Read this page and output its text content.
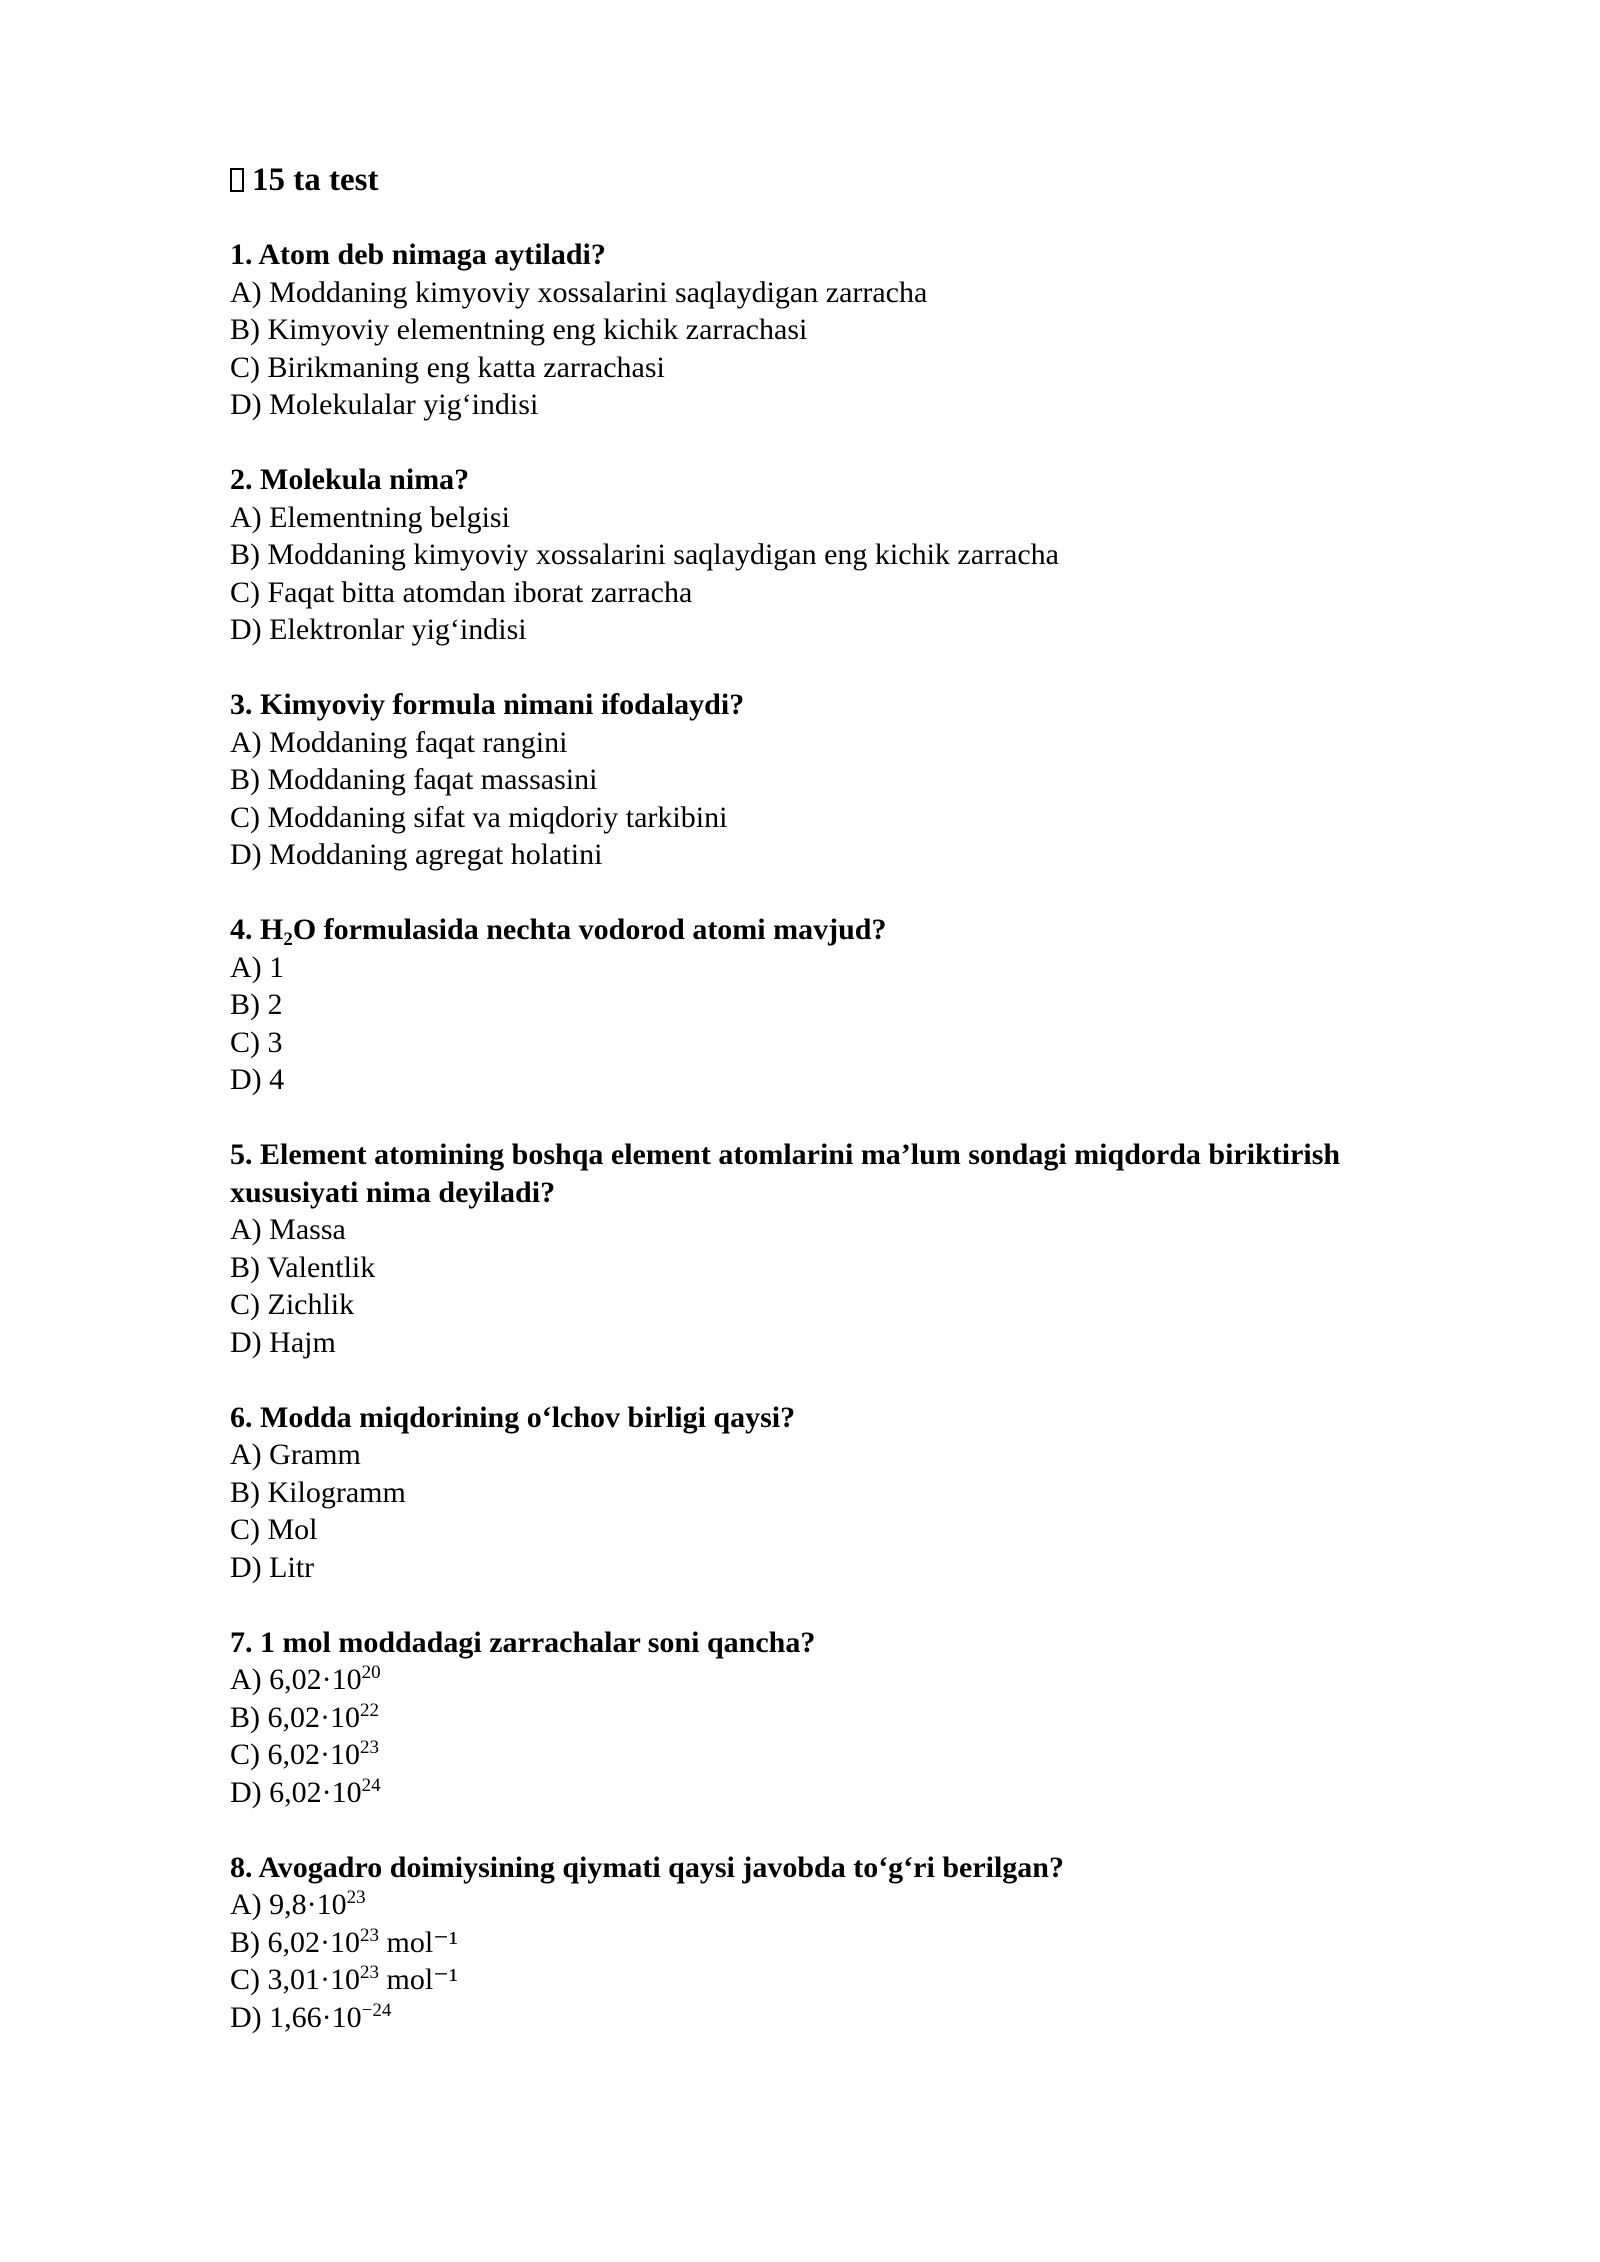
15 ta test

1. Atom deb nimaga aytiladi?

A) Moddaning kimyoviy xossalarini saqlaydigan zarracha

B) Kimyoviy elementning eng kichik zarrachasi

C) Birikmaning eng katta zarrachasi

D) Molekulalar yig‘indisi

2. Molekula nima?

A) Elementning belgisi

B) Moddaning kimyoviy xossalarini saqlaydigan eng kichik zarracha

C) Faqat bitta atomdan iborat zarracha

D) Elektronlar yig‘indisi

3. Kimyoviy formula nimani ifodalaydi?

A) Moddaning faqat rangini

B) Moddaning faqat massasini

C) Moddaning sifat va miqdoriy tarkibini

D) Moddaning agregat holatini

4. $H_2O$ formulasida nechta vodorod atomi mavjud?

A) 1

B) 2

C) 3

D) 4

5. Element atomining boshqa element atomlarini ma’lum sondagi miqdorda biriktirish xususiyati nima deyiladi?

A) Massa

B) Valentlik

C) Zichlik

D) Hajm

6. Modda miqdorining o‘lchov birligi qaysi?

A) Gramm

B) Kilogramm

C) Mol

D) Litr

7. 1 mol moddadagi zarrachalar soni qancha?

A) $6,02\cdot 10^{20}$

B) $6,02\cdot 10^{22}$

C) $6,02\cdot 10^{23}$

D) $6,02\cdot 10^{24}$

8. Avogadro doimiysining qiymati qaysi javobda to‘g‘ri berilgan?

A) $9,8\cdot 10^{23}$

B) $6,02\cdot 10^{23}$ mol⁻¹

C) $3,01\cdot 10^{23}$ mol⁻¹

D) $1,66\cdot 10^{-24}$
